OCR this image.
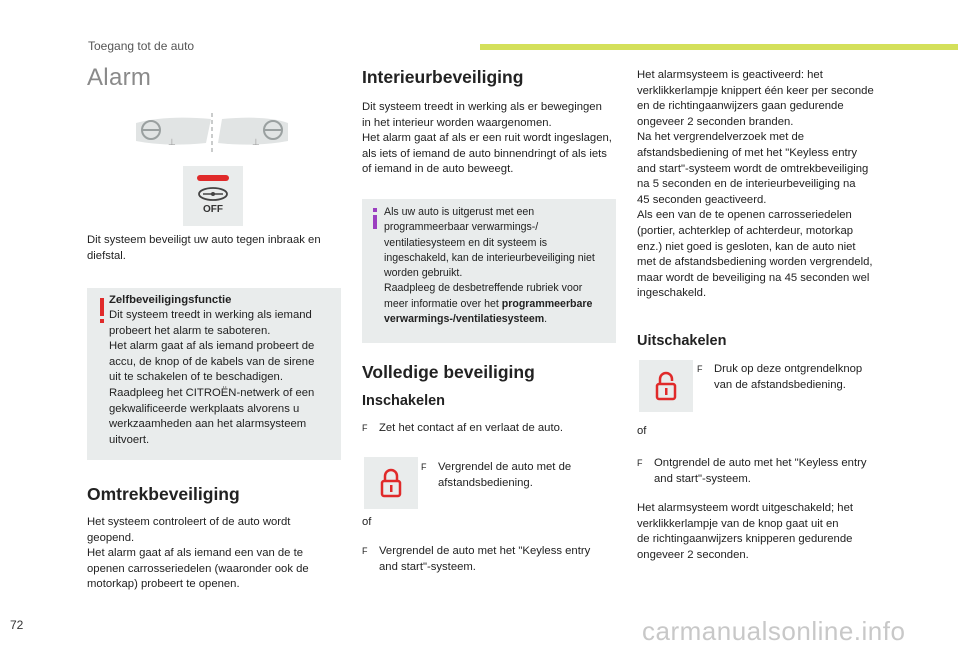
Toegang tot de auto
Alarm
⊥	⊥
OFF
Dit systeem beveiligt uw auto tegen inbraak en
diefstal.
Zelfbeveiligingsfunctie
Dit systeem treedt in werking als iemand
probeert het alarm te saboteren.
Het alarm gaat af als iemand probeert de
accu, de knop of de kabels van de sirene
uit te schakelen of te beschadigen.
Raadpleeg het CITROËN-netwerk of een
gekwalificeerde werkplaats alvorens u
werkzaamheden aan het alarmsysteem
uitvoert.
Omtrekbeveiliging
Het systeem controleert of de auto wordt
geopend.
Het alarm gaat af als iemand een van de te
openen carrosseriedelen (waaronder ook de
motorkap) probeert te openen.
Interieurbeveiliging
Dit systeem treedt in werking als er bewegingen
in het interieur worden waargenomen.
Het alarm gaat af als er een ruit wordt ingeslagen,
als iets of iemand de auto binnendringt of als iets
of iemand in de auto beweegt.
Als uw auto is uitgerust met een
programmeerbaar verwarmings-/
ventilatiesysteem en dit systeem is
ingeschakeld, kan de interieurbeveiliging niet
worden gebruikt.
Raadpleeg de desbetreffende rubriek voor
meer informatie over het programmeerbare
verwarmings-/ventilatiesysteem.
Volledige beveiliging
Inschakelen
F	Zet het contact af en verlaat de auto.
F	Vergrendel de auto met de
afstandsbediening.
of
F	Vergrendel de auto met het "Keyless entry
and start"-systeem.
Het alarmsysteem is geactiveerd: het
verklikkerlampje knippert één keer per seconde
en de richtingaanwijzers gaan gedurende
ongeveer 2 seconden branden.
Na het vergrendelverzoek met de
afstandsbediening of met het "Keyless entry
and start"-systeem wordt de omtrekbeveiliging
na 5 seconden en de interieurbeveiliging na
45 seconden geactiveerd.
Als een van de te openen carrosseriedelen
(portier, achterklep of achterdeur, motorkap
enz.) niet goed is gesloten, kan de auto niet
met de afstandsbediening worden vergrendeld,
maar wordt de beveiliging na 45 seconden wel
ingeschakeld.
Uitschakelen
F	Druk op deze ontgrendelknop
van de afstandsbediening.
of
F	Ontgrendel de auto met het "Keyless entry
and start"-systeem.
Het alarmsysteem wordt uitgeschakeld; het
verklikkerlampje van de knop gaat uit en
de richtingaanwijzers knipperen gedurende
ongeveer 2 seconden.
72	carmanualsonline.info
